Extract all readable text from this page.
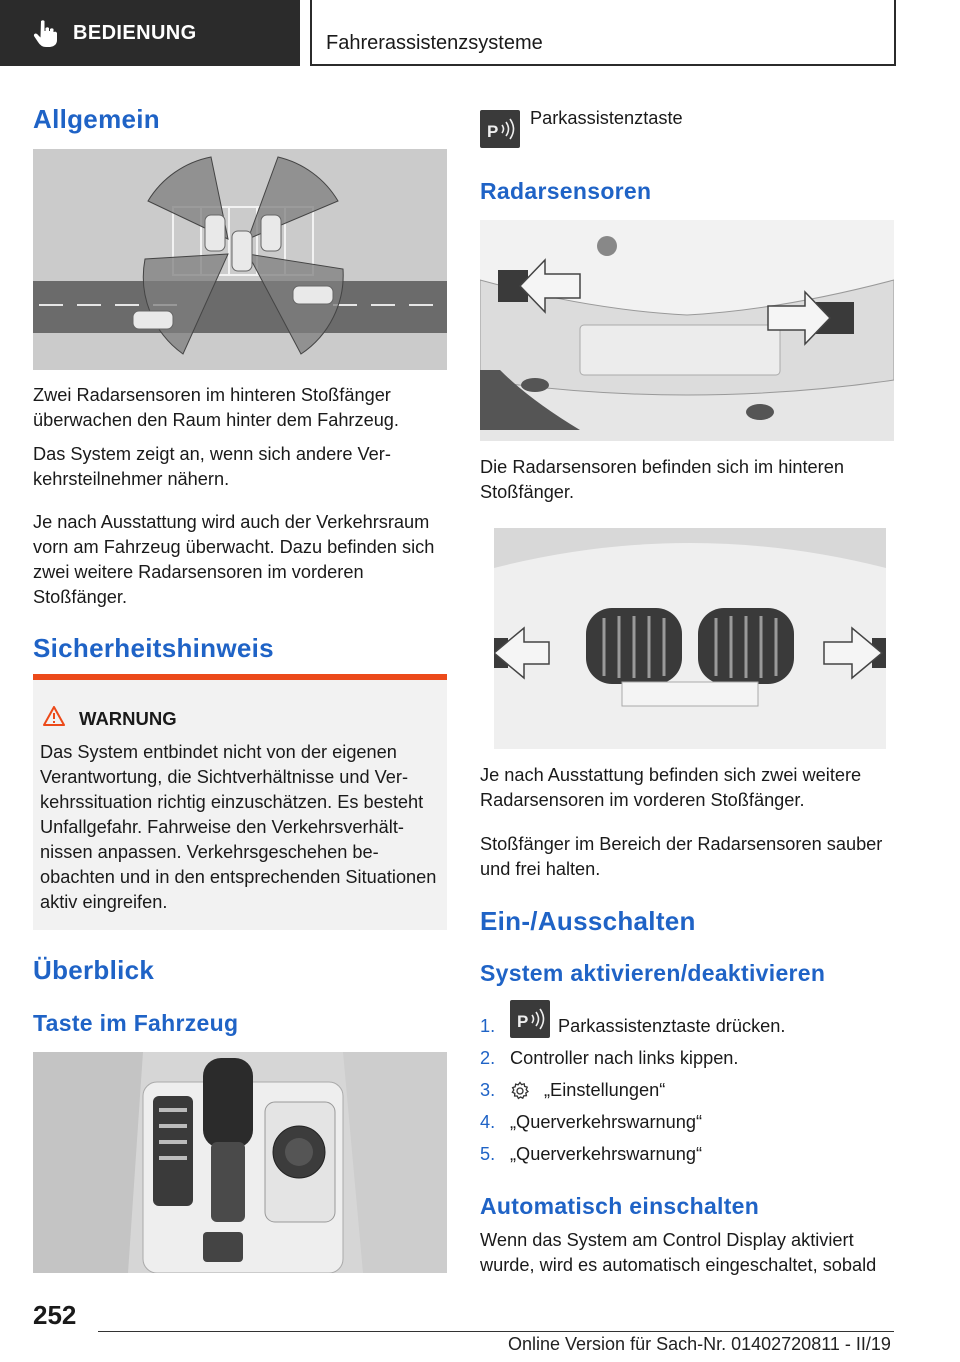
BEDIENUNG	Fahrerassistenzsysteme
Allgemein
Zwei Radarsensoren im hinteren Stoßfänger überwachen den Raum hinter dem Fahrzeug.
Das System zeigt an, wenn sich andere Verkehrsteilnehmer nähern.
Je nach Ausstattung wird auch der Verkehrsraum vorn am Fahrzeug überwacht. Dazu befinden sich zwei weitere Radarsensoren im vorderen Stoßfänger.
Sicherheitshinweis
WARNUNG
Das System entbindet nicht von der eigenen Verantwortung, die Sichtverhältnisse und Verkehrssituation richtig einzuschätzen. Es besteht Unfallgefahr. Fahrweise den Verkehrsverhältnissen anpassen. Verkehrsgeschehen beobachten und in den entsprechenden Situationen aktiv eingreifen.
Überblick
Taste im Fahrzeug
P
Parkassistenztaste
Radarsensoren
Die Radarsensoren befinden sich im hinteren Stoßfänger.
Je nach Ausstattung befinden sich zwei weitere Radarsensoren im vorderen Stoßfänger.
Stoßfänger im Bereich der Radarsensoren sauber und frei halten.
Ein-/Ausschalten
System aktivieren/deaktivieren
1.	P Parkassistenztaste drücken.
2. Controller nach links kippen.
3.	„Einstellungen“
4. „Querverkehrswarnung“
5. „Querverkehrswarnung“
Automatisch einschalten
Wenn das System am Control Display aktiviert wurde, wird es automatisch eingeschaltet, sobald
252
Online Version für Sach-Nr. 01402720811 - II/19
